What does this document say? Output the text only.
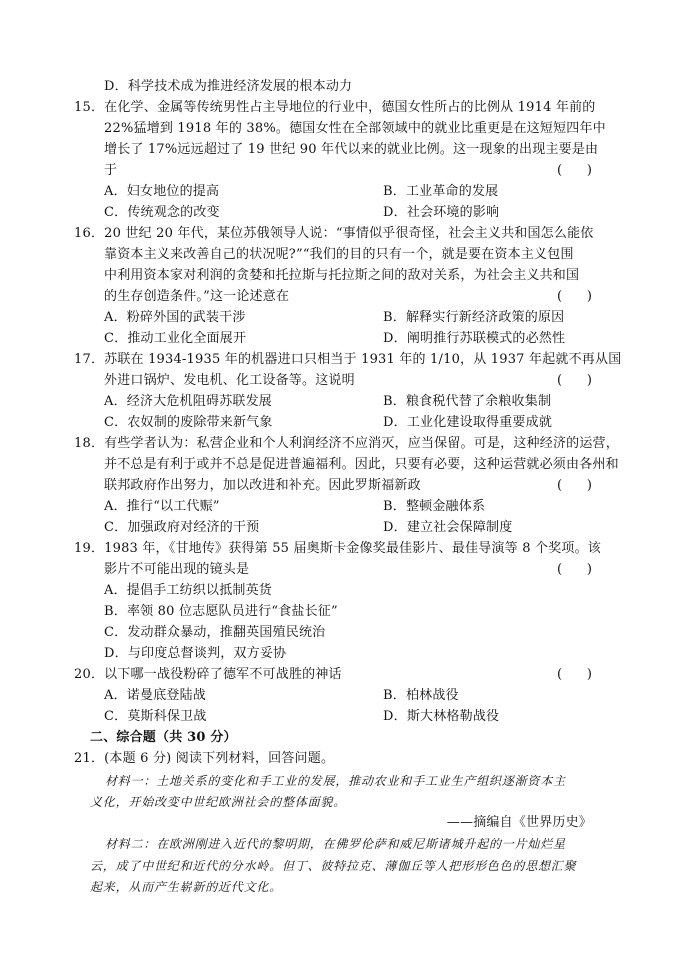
D．科学技术成为推进经济发展的根本动力
15．在化学、金属等传统男性占主导地位的行业中，德国女性所占的比例从 1914 年前的
22%猛增到 1918 年的 38%。德国女性在全部领域中的就业比重更是在这短短四年中
增长了 17%远远超过了 19 世纪 90 年代以来的就业比例。这一现象的出现主要是由
于	(      )
A．妇女地位的提高	B．工业革命的发展
C．传统观念的改变	D．社会环境的影响
16．20 世纪 20 年代，某位苏俄领导人说：“事情似乎很奇怪，社会主义共和国怎么能依
靠资本主义来改善自己的状况呢?”“我们的目的只有一个，就是要在资本主义包围
中利用资本家对利润的贪婪和托拉斯与托拉斯之间的敌对关系，为社会主义共和国
的生存创造条件。”这一论述意在	(      )
A．粉碎外国的武装干涉	B．解释实行新经济政策的原因
C．推动工业化全面展开	D．阐明推行苏联模式的必然性
17．苏联在 1934-1935 年的机器进口只相当于 1931 年的 1/10，从 1937 年起就不再从国
外进口锅炉、发电机、化工设备等。这说明	(      )
A．经济大危机阻碍苏联发展	B．粮食税代替了余粮收集制
C．农奴制的废除带来新气象	D．工业化建设取得重要成就
18．有些学者认为：私营企业和个人利润经济不应消灭，应当保留。可是，这种经济的运营，
并不总是有利于或并不总是促进普遍福利。因此，只要有必要，这种运营就必须由各州和
联邦政府作出努力，加以改进和补充。因此罗斯福新政	(      )
A．推行“以工代赈”	B．整顿金融体系
C．加强政府对经济的干预	D．建立社会保障制度
19．1983 年，《甘地传》获得第 55 届奥斯卡金像奖最佳影片、最佳导演等 8 个奖项。该
影片不可能出现的镜头是	(      )
A．提倡手工纺织以抵制英货
B．率领 80 位志愿队员进行“食盐长征”
C．发动群众暴动，推翻英国殖民统治
D．与印度总督谈判，双方妥协
20．以下哪一战役粉碎了德军不可战胜的神话	(      )
A．诺曼底登陆战	B．柏林战役
C．莫斯科保卫战	D．斯大林格勒战役
二、综合题（共 30 分）
21．(本题 6 分) 阅读下列材料，回答问题。
材料一：土地关系的变化和手工业的发展，推动农业和手工业生产组织逐渐资本主
义化，开始改变中世纪欧洲社会的整体面貌。
——摘编自《世界历史》
材料二：在欧洲刚进入近代的黎明期，在佛罗伦萨和威尼斯诸城升起的一片灿烂星
云，成了中世纪和近代的分水岭。但丁、彼特拉克、薄伽丘等人把形形色色的思想汇聚
起来，从而产生崭新的近代文化。
